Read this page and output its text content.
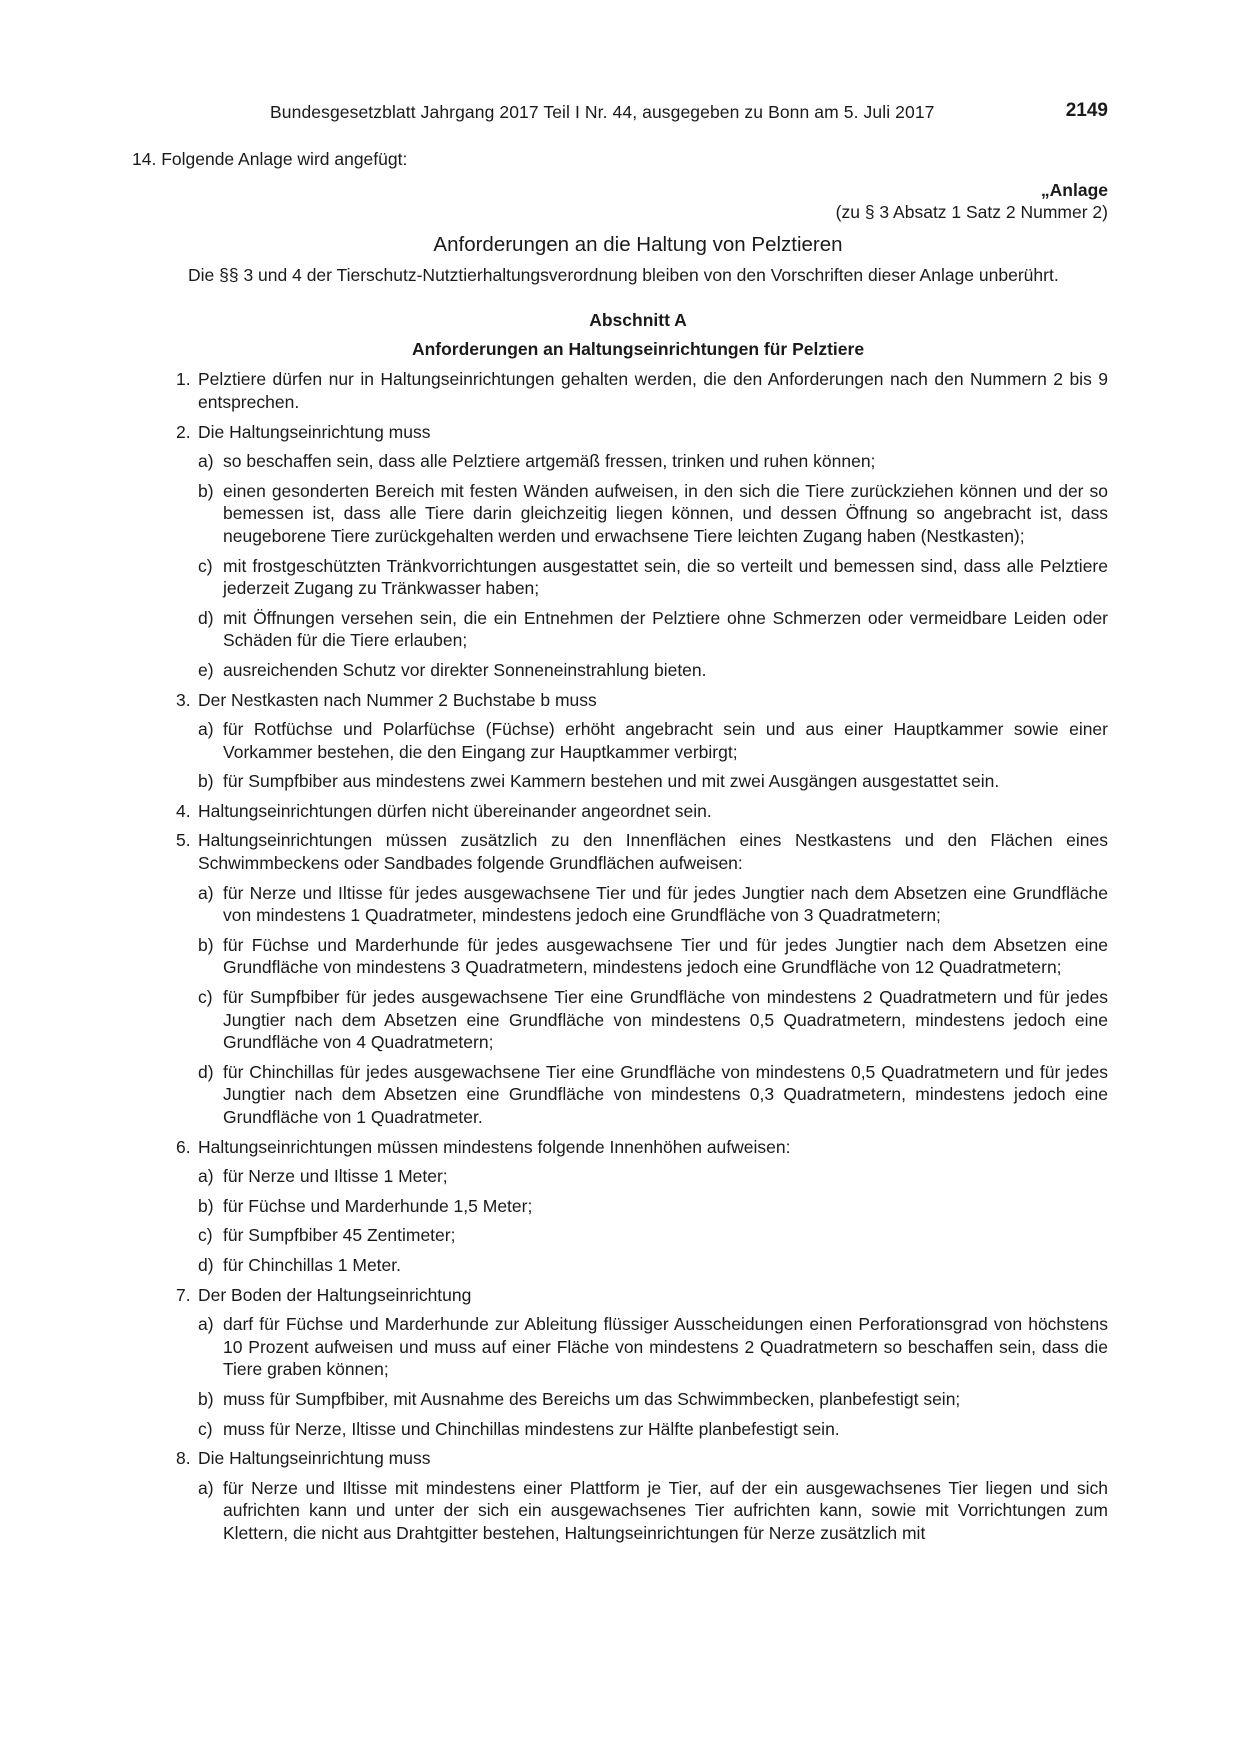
Bundesgesetzblatt Jahrgang 2017 Teil I Nr. 44, ausgegeben zu Bonn am 5. Juli 2017	2149
14. Folgende Anlage wird angefügt:
„Anlage
(zu § 3 Absatz 1 Satz 2 Nummer 2)
Anforderungen an die Haltung von Pelztieren
Die §§ 3 und 4 der Tierschutz-Nutztierhaltungsverordnung bleiben von den Vorschriften dieser Anlage unberührt.
Abschnitt A
Anforderungen an Haltungseinrichtungen für Pelztiere
1. Pelztiere dürfen nur in Haltungseinrichtungen gehalten werden, die den Anforderungen nach den Nummern 2 bis 9 entsprechen.
2. Die Haltungseinrichtung muss
a) so beschaffen sein, dass alle Pelztiere artgemäß fressen, trinken und ruhen können;
b) einen gesonderten Bereich mit festen Wänden aufweisen, in den sich die Tiere zurückziehen können und der so bemessen ist, dass alle Tiere darin gleichzeitig liegen können, und dessen Öffnung so angebracht ist, dass neugeborene Tiere zurückgehalten werden und erwachsene Tiere leichten Zugang haben (Nestkasten);
c) mit frostgeschützten Tränkvorrichtungen ausgestattet sein, die so verteilt und bemessen sind, dass alle Pelztiere jederzeit Zugang zu Tränkwasser haben;
d) mit Öffnungen versehen sein, die ein Entnehmen der Pelztiere ohne Schmerzen oder vermeidbare Leiden oder Schäden für die Tiere erlauben;
e) ausreichenden Schutz vor direkter Sonneneinstrahlung bieten.
3. Der Nestkasten nach Nummer 2 Buchstabe b muss
a) für Rotfüchse und Polarfüchse (Füchse) erhöht angebracht sein und aus einer Hauptkammer sowie einer Vorkammer bestehen, die den Eingang zur Hauptkammer verbirgt;
b) für Sumpfbiber aus mindestens zwei Kammern bestehen und mit zwei Ausgängen ausgestattet sein.
4. Haltungseinrichtungen dürfen nicht übereinander angeordnet sein.
5. Haltungseinrichtungen müssen zusätzlich zu den Innenflächen eines Nestkastens und den Flächen eines Schwimmbeckens oder Sandbades folgende Grundflächen aufweisen:
a) für Nerze und Iltisse für jedes ausgewachsene Tier und für jedes Jungtier nach dem Absetzen eine Grundfläche von mindestens 1 Quadratmeter, mindestens jedoch eine Grundfläche von 3 Quadratmetern;
b) für Füchse und Marderhunde für jedes ausgewachsene Tier und für jedes Jungtier nach dem Absetzen eine Grundfläche von mindestens 3 Quadratmetern, mindestens jedoch eine Grundfläche von 12 Quadratmetern;
c) für Sumpfbiber für jedes ausgewachsene Tier eine Grundfläche von mindestens 2 Quadratmetern und für jedes Jungtier nach dem Absetzen eine Grundfläche von mindestens 0,5 Quadratmetern, mindestens jedoch eine Grundfläche von 4 Quadratmetern;
d) für Chinchillas für jedes ausgewachsene Tier eine Grundfläche von mindestens 0,5 Quadratmetern und für jedes Jungtier nach dem Absetzen eine Grundfläche von mindestens 0,3 Quadratmetern, mindestens jedoch eine Grundfläche von 1 Quadratmeter.
6. Haltungseinrichtungen müssen mindestens folgende Innenhöhen aufweisen:
a) für Nerze und Iltisse 1 Meter;
b) für Füchse und Marderhunde 1,5 Meter;
c) für Sumpfbiber 45 Zentimeter;
d) für Chinchillas 1 Meter.
7. Der Boden der Haltungseinrichtung
a) darf für Füchse und Marderhunde zur Ableitung flüssiger Ausscheidungen einen Perforationsgrad von höchstens 10 Prozent aufweisen und muss auf einer Fläche von mindestens 2 Quadratmetern so beschaffen sein, dass die Tiere graben können;
b) muss für Sumpfbiber, mit Ausnahme des Bereichs um das Schwimmbecken, planbefestigt sein;
c) muss für Nerze, Iltisse und Chinchillas mindestens zur Hälfte planbefestigt sein.
8. Die Haltungseinrichtung muss
a) für Nerze und Iltisse mit mindestens einer Plattform je Tier, auf der ein ausgewachsenes Tier liegen und sich aufrichten kann und unter der sich ein ausgewachsenes Tier aufrichten kann, sowie mit Vorrichtungen zum Klettern, die nicht aus Drahtgitter bestehen, Haltungseinrichtungen für Nerze zusätzlich mit
